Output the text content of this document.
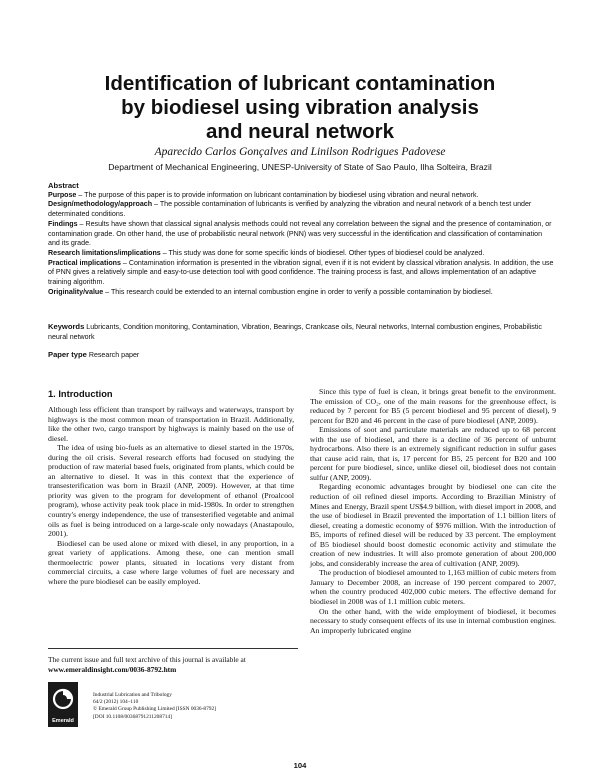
Identification of lubricant contamination
by biodiesel using vibration analysis
and neural network

Aparecido Carlos Gonçalves and Linilson Rodrigues Padovese

Department of Mechanical Engineering, UNESP-University of State of Sao Paulo, Ilha Solteira, Brazil

Abstract

Purpose – The purpose of this paper is to provide information on lubricant contamination by biodiesel using vibration and neural network.

Design/methodology/approach – The possible contamination of lubricants is verified by analyzing the vibration and neural network of a bench test under determinated conditions.

Findings – Results have shown that classical signal analysis methods could not reveal any correlation between the signal and the presence of contamination, or contamination grade. On other hand, the use of probabilistic neural network (PNN) was very successful in the identification and classification of contamination and its grade.

Research limitations/implications – This study was done for some specific kinds of biodiesel. Other types of biodiesel could be analyzed.

Practical implications – Contamination information is presented in the vibration signal, even if it is not evident by classical vibration analysis. In addition, the use of PNN gives a relatively simple and easy-to-use detection tool with good confidence. The training process is fast, and allows implementation of an adaptive training algorithm.

Originality/value – This research could be extended to an internal combustion engine in order to verify a possible contamination by biodiesel.

Keywords Lubricants, Condition monitoring, Contamination, Vibration, Bearings, Crankcase oils, Neural networks, Internal combustion engines, Probabilistic neural network

Paper type Research paper

1. Introduction

Although less efficient than transport by railways and waterways, transport by highways is the most common mean of transportation in Brazil. Additionally, like the other two, cargo transport by highways is mainly based on the use of diesel.

The idea of using bio-fuels as an alternative to diesel started in the 1970s, during the oil crisis. Several research efforts had focused on studying the production of raw material based fuels, originated from plants, which could be an alternative to diesel. It was in this context that the experience of transesterification was born in Brazil (ANP, 2009). However, at that time priority was given to the program for development of ethanol (Proalcool program), whose activity peak took place in mid-1980s. In order to strengthen country's energy independence, the use of transesterified vegetable and animal oils as fuel is being introduced on a large-scale only nowadays (Anastapoulo, 2001).

Biodiesel can be used alone or mixed with diesel, in any proportion, in a great variety of applications. Among these, one can mention small thermoelectric power plants, situated in locations very distant from commercial circuits, a case where large volumes of fuel are necessary and where the pure biodiesel can be easily employed.

Since this type of fuel is clean, it brings great benefit to the environment. The emission of CO₂, one of the main reasons for the greenhouse effect, is reduced by 7 percent for B5 (5 percent biodiesel and 95 percent of diesel), 9 percent for B20 and 46 percent in the case of pure biodiesel (ANP, 2009).

Emissions of soot and particulate materials are reduced up to 68 percent with the use of biodiesel, and there is a decline of 36 percent of unburnt hydrocarbons. Also there is an extremely significant reduction in sulfur gases that cause acid rain, that is, 17 percent for B5, 25 percent for B20 and 100 percent for pure biodiesel, since, unlike diesel oil, biodiesel does not contain sulfur (ANP, 2009).

Regarding economic advantages brought by biodiesel one can cite the reduction of oil refined diesel imports. According to Brazilian Ministry of Mines and Energy, Brazil spent US$4.9 billion, with diesel import in 2008, and the use of biodiesel in Brazil prevented the importation of 1.1 billion liters of diesel, creating a domestic economy of $976 million. With the introduction of B5, imports of refined diesel will be reduced by 33 percent. The employment of B5 biodiesel should boost domestic economic activity and stimulate the creation of new industries. It will also promote generation of about 200,000 jobs, and considerably increase the area of cultivation (ANP, 2009).

The production of biodiesel amounted to 1,163 million of cubic meters from January to December 2008, an increase of 190 percent compared to 2007, when the country produced 402,000 cubic meters. The effective demand for biodiesel in 2008 was of 1.1 million cubic meters.

On the other hand, with the wide employment of biodiesel, it becomes necessary to study consequent effects of its use in internal combustion engines. An improperly lubricated engine

The current issue and full text archive of this journal is available at

www.emeraldinsight.com/0036-8792.htm

Emerald

Industrial Lubrication and Tribology

64/2 (2012) 104–110

© Emerald Group Publishing Limited [ISSN 0036-8792]

[DOI 10.1108/00368791211208714]

104
